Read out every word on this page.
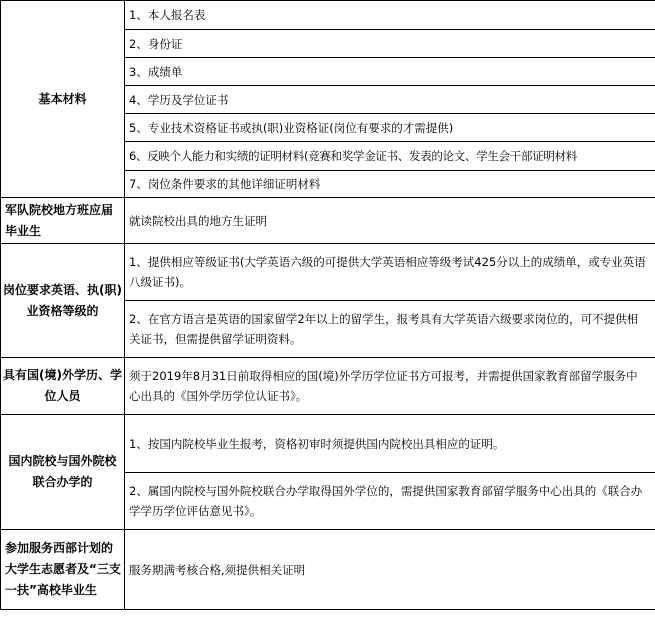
基本材料	1、本人报名表
	2、身份证
	3、成绩单
	4、学历及学位证书
	5、专业技术资格证书或执(职)业资格证(岗位有要求的才需提供)
	6、反映个人能力和实绩的证明材料(竞赛和奖学金证书、发表的论文、学生会干部证明材料
	7、岗位条件要求的其他详细证明材料
军队院校地方班应届毕业生	就读院校出具的地方生证明
岗位要求英语、执(职)业资格等级的	1、提供相应等级证书(大学英语六级的可提供大学英语相应等级考试425分以上的成绩单，或专业英语八级证书)。
	2、在官方语言是英语的国家留学2年以上的留学生，报考具有大学英语六级要求岗位的，可不提供相关证书，但需提供留学证明资料。
具有国(境)外学历、学位人员	须于2019年8月31日前取得相应的国(境)外学历学位证书方可报考，并需提供国家教育部留学服务中心出具的《国外学历学位认证书》。
国内院校与国外院校联合办学的	1、按国内院校毕业生报考，资格初审时须提供国内院校出具相应的证明。
	2、属国内院校与国外院校联合办学取得国外学位的，需提供国家教育部留学服务中心出具的《联合办学学历学位评估意见书》。
参加服务西部计划的大学生志愿者及“三支一扶”高校毕业生	服务期满考核合格,须提供相关证明
